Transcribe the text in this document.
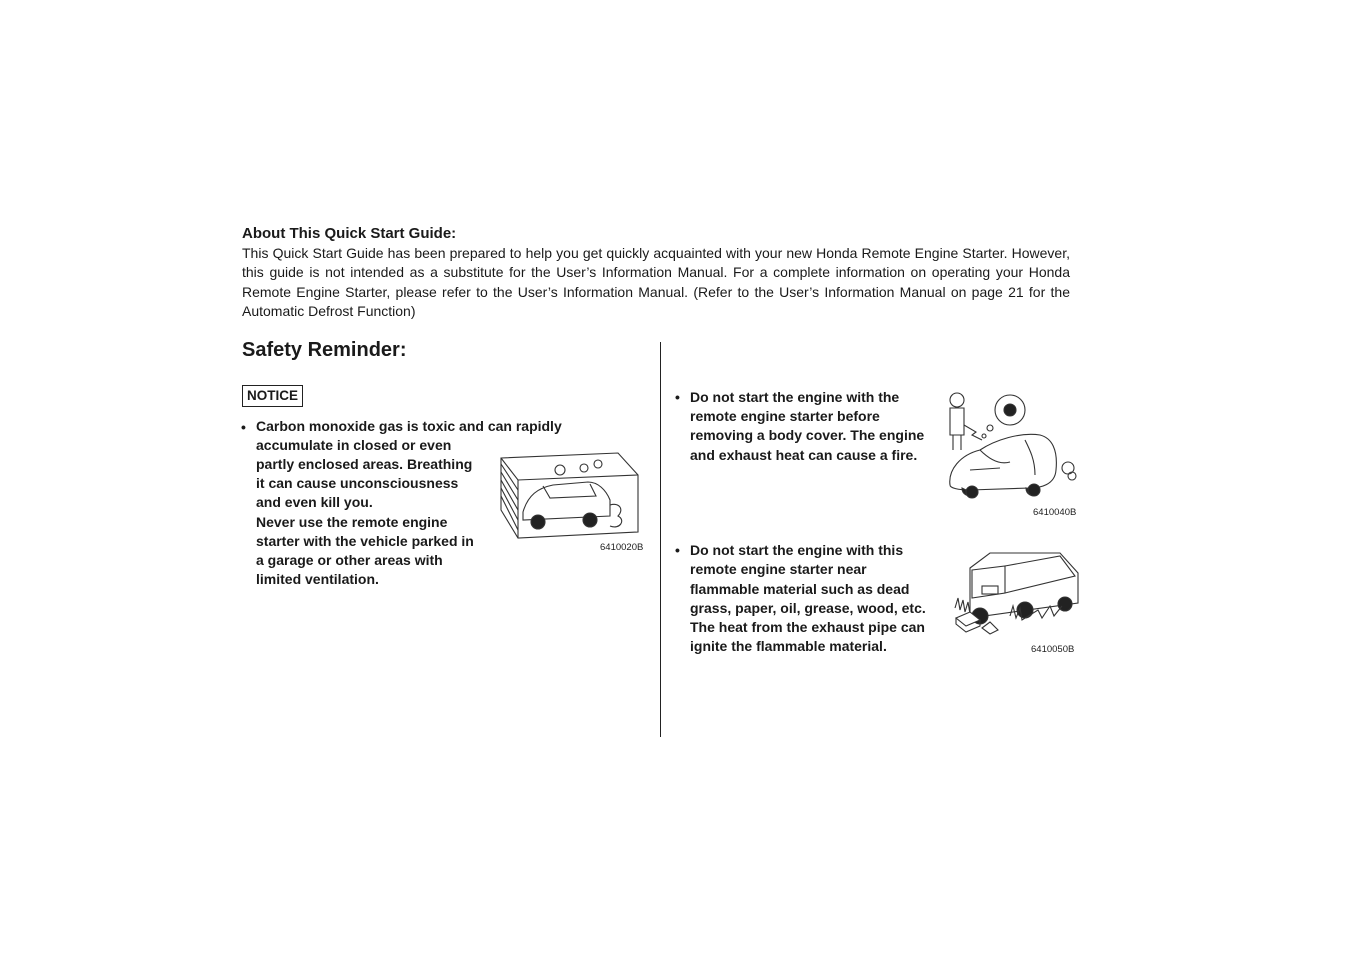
About This Quick Start Guide:

This Quick Start Guide has been prepared to help you get quickly acquainted with your new Honda Remote Engine Starter. However, this guide is not intended as a substitute for the User’s Information Manual. For a complete information on operating your Honda Remote Engine Starter, please refer to the User’s Information Manual. (Refer to the User’s Information Manual on page 21 for the Automatic Defrost Function)

Safety Reminder:
NOTICE
• Carbon monoxide gas is toxic and can rapidly
accumulate in closed or even
partly enclosed areas. Breathing
it can cause unconsciousness
and even kill you.
Never use the remote engine
starter with the vehicle parked in
a garage or other areas with
limited ventilation.
6410020B
• Do not start the engine with the
remote engine starter before
removing a body cover. The engine
and exhaust heat can cause a fire.
6410040B
• Do not start the engine with this
remote engine starter near
flammable material such as dead
grass, paper, oil, grease, wood, etc.
The heat from the exhaust pipe can
ignite the flammable material.	6410050B
